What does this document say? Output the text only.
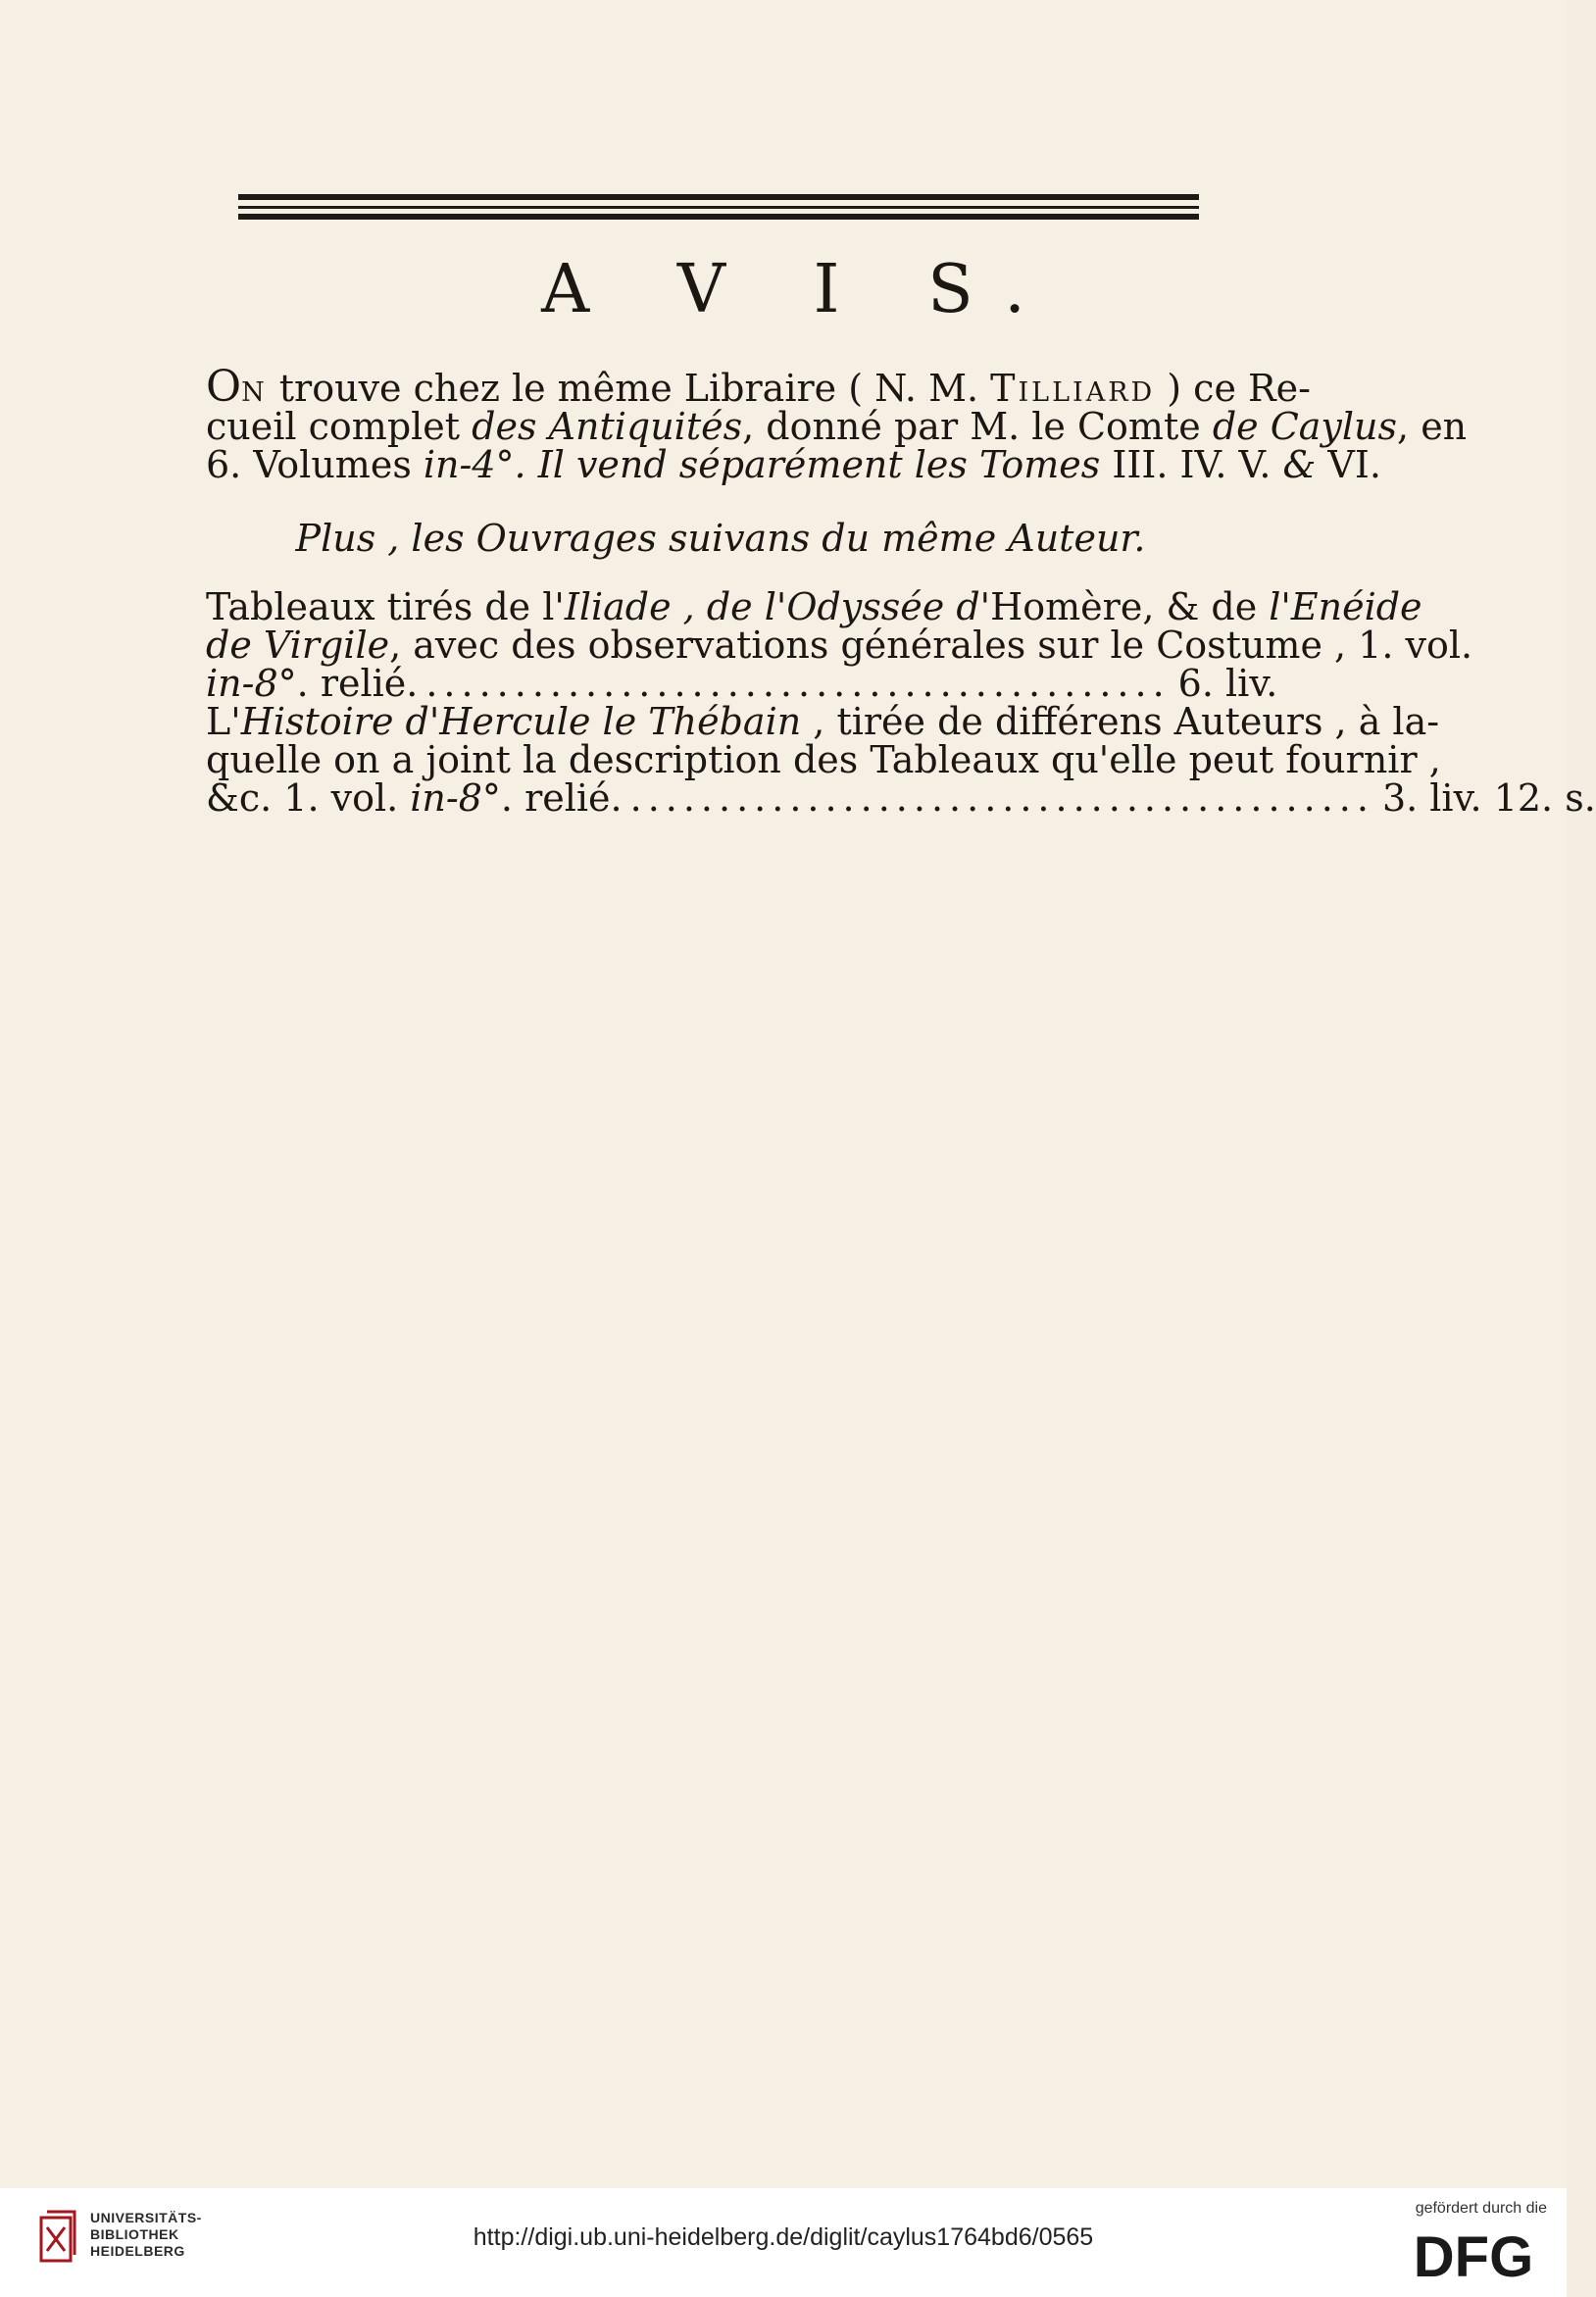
A V I S.
On trouve chez le même Libraire ( N. M. Tilliard ) ce Re-
cueil complet des Antiquités, donné par M. le Comte de Caylus, en
6. Volumes in-4°. Il vend séparément les Tomes III. IV. V. & VI.
Plus , les Ouvrages suivans du même Auteur.
Tableaux tirés de l'Iliade , de l'Odyssée d'Homère, & de l'Enéide
de Virgile, avec des observations générales sur le Costume , 1. vol.
in-8°. relié. .......................................... 6. liv.
L'Histoire d'Hercule le Thébain , tirée de différens Auteurs , à la-
quelle on a joint la description des Tableaux qu'elle peut fournir ,
&c. 1. vol. in-8°. relié. .......................................... 3. liv. 12. s.
UNIVERSITÄTS-
BIBLIOTHEK
HEIDELBERG	http://digi.ub.uni-heidelberg.de/diglit/caylus1764bd6/0565
gefördert durch die
DFG
